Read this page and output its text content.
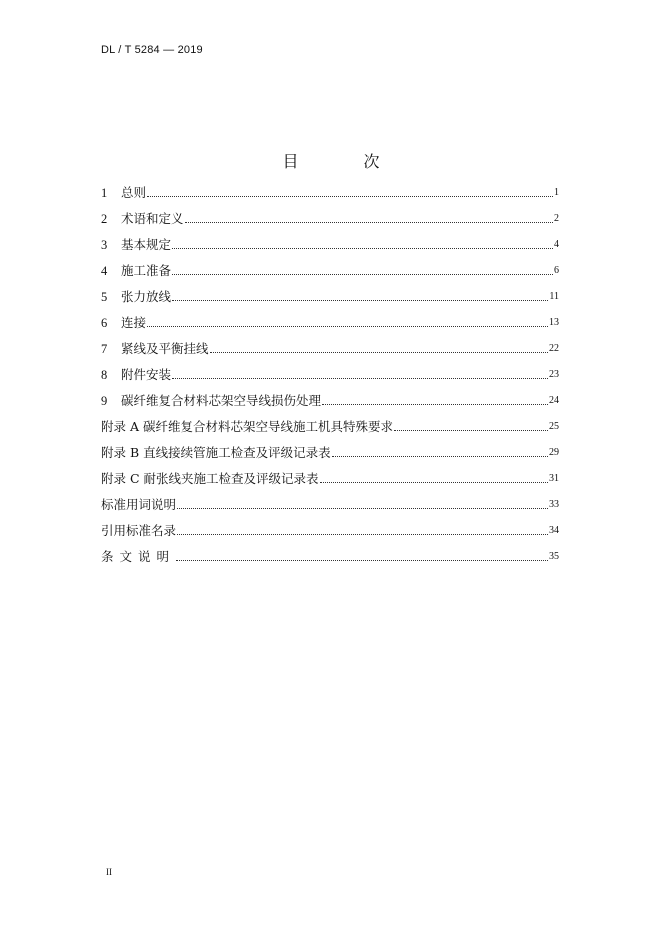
DL / T 5284 — 2019
目 次
1	总则	1
2	术语和定义	2
3	基本规定	4
4	施工准备	6
5	张力放线	11
6	连接	13
7	紧线及平衡挂线	22
8	附件安装	23
9	碳纤维复合材料芯架空导线损伤处理	24
附录 A 碳纤维复合材料芯架空导线施工机具特殊要求	25
附录 B 直线接续管施工检查及评级记录表	29
附录 C 耐张线夹施工检查及评级记录表	31
标准用词说明	33
引用标准名录	34
条文说明	35
II
